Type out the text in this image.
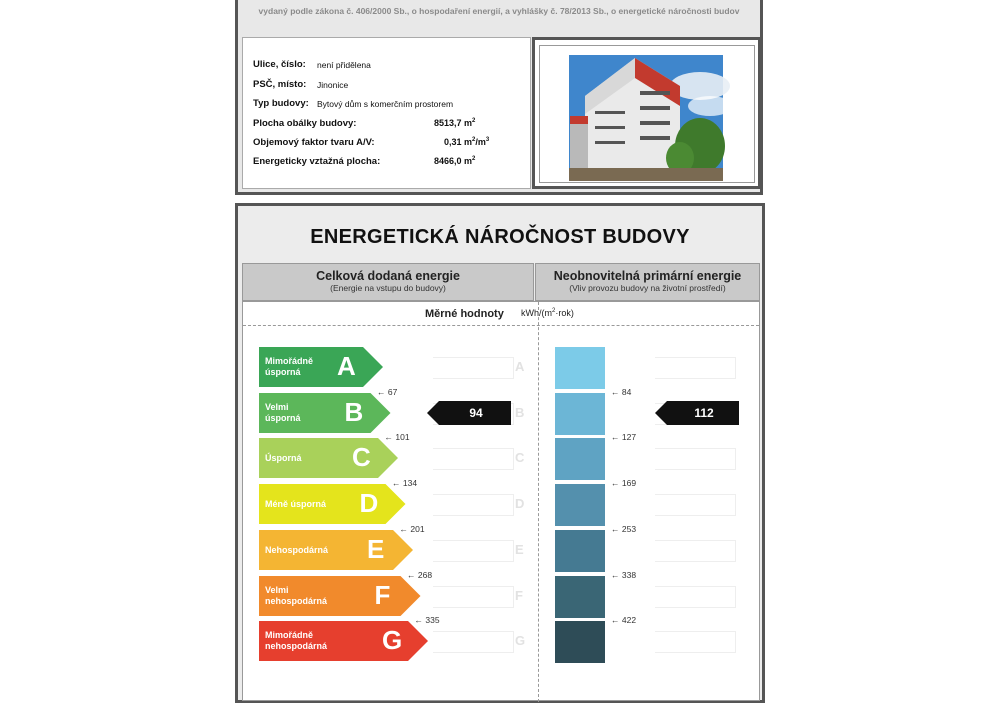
vydaný podle zákona č. 406/2000 Sb., o hospodaření energií, a vyhlášky č. 78/2013 Sb., o energetické náročnosti budov
Ulice, číslo: není přidělena
PSČ, místo: Jinonice
Typ budovy: Bytový dům s komerčním prostorem
Plocha obálky budovy:	8513,7 $m^2$
Objemový faktor tvaru A/V:	0,31 $m^2/m^3$
Energeticky vztažná plocha:	8466,0 $m^2$
ENERGETICKÁ NÁROČNOST BUDOVY
Celková dodaná energie
(Energie na vstupu do budovy)
Neobnovitelná primární energie
(Vliv provozu budovy na životní prostředí)
Měrné hodnoty kWh/$(m^2\cdot rok)$
Mimořádně
úsporná A	A
Velmi
úsporná B	B
Úsporná C	C
Méně úsporná D	D
Nehospodárná E	E
Velmi
nehospodárná F	F
Mimořádně
nehospodárná G	G
← 67
← 101
← 134
← 201
← 268
← 335
94
← 84
← 127
← 169
← 253
← 338
← 422
112
